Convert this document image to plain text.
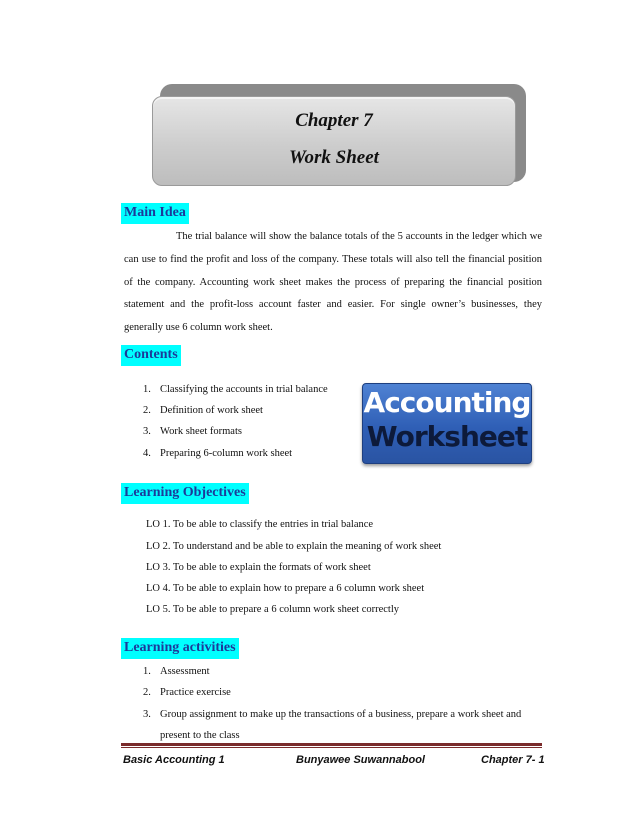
Chapter 7
Work Sheet
Main Idea
The trial balance will show the balance totals of the 5 accounts in the ledger which we can use to find the profit and loss of the company. These totals will also tell the financial position of the company. Accounting work sheet makes the process of preparing the financial position statement and the profit-loss account faster and easier. For single owner’s businesses, they generally use 6 column work sheet.
Contents
1. Classifying the accounts in trial balance
2. Definition of work sheet
3. Work sheet formats
4. Preparing 6-column work sheet
Accounting
Worksheet
Learning Objectives
LO 1. To be able to classify the entries in trial balance
LO 2. To understand and be able to explain the meaning of work sheet
LO 3. To be able to explain the formats of work sheet
LO 4. To be able to explain how to prepare a 6 column work sheet
LO 5. To be able to prepare a 6 column work sheet correctly
Learning activities
1. Assessment
2. Practice exercise
3. Group assignment to make up the transactions of a business, prepare a work sheet and
present to the class
Basic Accounting 1	Bunyawee Suwannabool	Chapter 7- 1
